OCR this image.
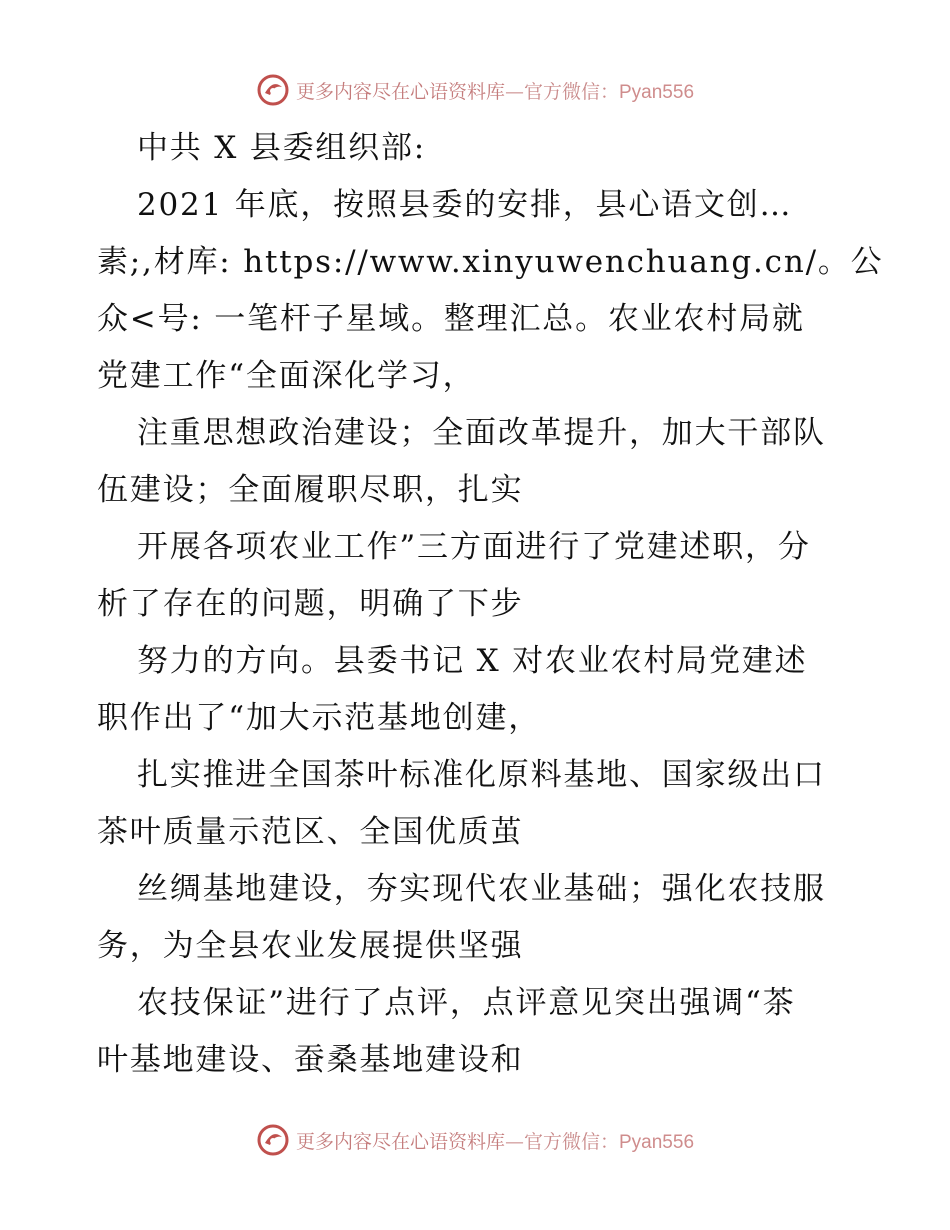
更多内容尽在心语资料库—官方微信：Pyan556
中共 X 县委组织部:
2021 年底，按照县委的安排，县心语文创…
素;,材库: https://www.xinyuwenchuang.cn/。公
众<号: 一笔杆子星域。整理汇总。农业农村局就
党建工作“全面深化学习，
注重思想政治建设；全面改革提升，加大干部队
伍建设；全面履职尽职，扎实
开展各项农业工作”三方面进行了党建述职，分
析了存在的问题，明确了下步
努力的方向。县委书记 X 对农业农村局党建述
职作出了“加大示范基地创建，
扎实推进全国茶叶标准化原料基地、国家级出口
茶叶质量示范区、全国优质茧
丝绸基地建设，夯实现代农业基础；强化农技服
务，为全县农业发展提供坚强
农技保证”进行了点评，点评意见突出强调“茶
叶基地建设、蚕桑基地建设和
更多内容尽在心语资料库—官方微信：Pyan556
